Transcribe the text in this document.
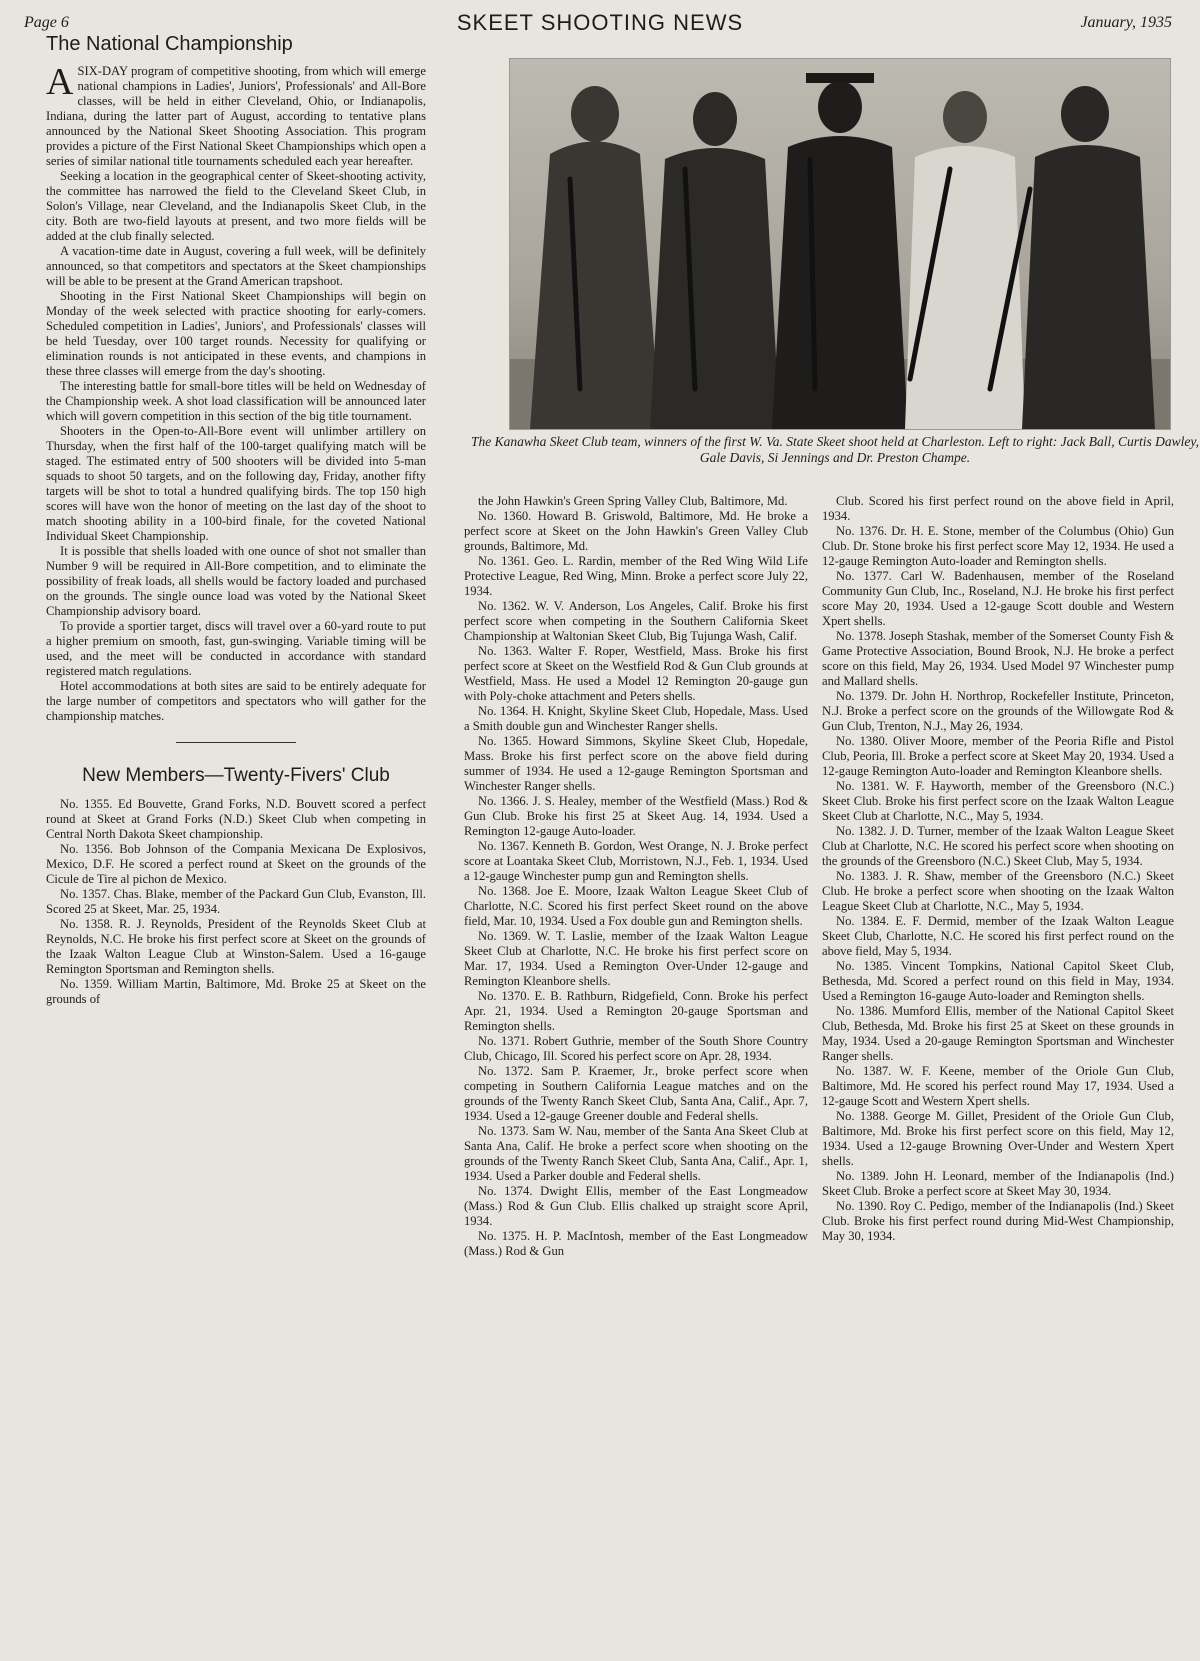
Page 6	SKEET SHOOTING NEWS	January, 1935
The National Championship

ASIX-DAY program of competitive shooting, from which will emerge national champions in Ladies', Juniors', Professionals' and All-Bore classes, will be held in either Cleveland, Ohio, or Indianapolis, Indiana, during the latter part of August, according to tentative plans announced by the National Skeet Shooting Association. This program provides a picture of the First National Skeet Championships which open a series of similar national title tournaments scheduled each year hereafter.

Seeking a location in the geographical center of Skeet-shooting activity, the committee has narrowed the field to the Cleveland Skeet Club, in Solon's Village, near Cleveland, and the Indianapolis Skeet Club, in the city. Both are two-field layouts at present, and two more fields will be added at the club finally selected.

A vacation-time date in August, covering a full week, will be definitely announced, so that competitors and spectators at the Skeet championships will be able to be present at the Grand American trapshoot.

Shooting in the First National Skeet Championships will begin on Monday of the week selected with practice shooting for early-comers. Scheduled competition in Ladies', Juniors', and Professionals' classes will be held Tuesday, over 100 target rounds. Necessity for qualifying or elimination rounds is not anticipated in these events, and champions in these three classes will emerge from the day's shooting.

The interesting battle for small-bore titles will be held on Wednesday of the Championship week. A shot load classification will be announced later which will govern competition in this section of the big title tournament.

Shooters in the Open-to-All-Bore event will unlimber artillery on Thursday, when the first half of the 100-target qualifying match will be staged. The estimated entry of 500 shooters will be divided into 5-man squads to shoot 50 targets, and on the following day, Friday, another fifty targets will be shot to total a hundred qualifying birds. The top 150 high scores will have won the honor of meeting on the last day of the shoot to match shooting ability in a 100-bird finale, for the coveted National Individual Skeet Championship.

It is possible that shells loaded with one ounce of shot not smaller than Number 9 will be required in All-Bore competition, and to eliminate the possibility of freak loads, all shells would be factory loaded and purchased on the grounds. The single ounce load was voted by the National Skeet Championship advisory board.

To provide a sportier target, discs will travel over a 60-yard route to put a higher premium on smooth, fast, gun-swinging. Variable timing will be used, and the meet will be conducted in accordance with standard registered match regulations.

Hotel accommodations at both sites are said to be entirely adequate for the large number of competitors and spectators who will gather for the championship matches.

New Members—Twenty-Fivers' Club

No. 1355. Ed Bouvette, Grand Forks, N.D. Bouvett scored a perfect round at Skeet at Grand Forks (N.D.) Skeet Club when competing in Central North Dakota Skeet championship.

No. 1356. Bob Johnson of the Compania Mexicana De Explosivos, Mexico, D.F. He scored a perfect round at Skeet on the grounds of the Cicule de Tire al pichon de Mexico.

No. 1357. Chas. Blake, member of the Packard Gun Club, Evanston, Ill. Scored 25 at Skeet, Mar. 25, 1934.

No. 1358. R. J. Reynolds, President of the Reynolds Skeet Club at Reynolds, N.C. He broke his first perfect score at Skeet on the grounds of the Izaak Walton League Club at Winston-Salem. Used a 16-gauge Remington Sportsman and Remington shells.

No. 1359. William Martin, Baltimore, Md. Broke 25 at Skeet on the grounds of

The Kanawha Skeet Club team, winners of the first W. Va. State Skeet shoot held at Charleston. Left to right: Jack Ball, Curtis Dawley, Gale Davis, Si Jennings and Dr. Preston Champe.

the John Hawkin's Green Spring Valley Club, Baltimore, Md.

No. 1360. Howard B. Griswold, Baltimore, Md. He broke a perfect score at Skeet on the John Hawkin's Green Valley Club grounds, Baltimore, Md.

No. 1361. Geo. L. Rardin, member of the Red Wing Wild Life Protective League, Red Wing, Minn. Broke a perfect score July 22, 1934.

No. 1362. W. V. Anderson, Los Angeles, Calif. Broke his first perfect score when competing in the Southern California Skeet Championship at Waltonian Skeet Club, Big Tujunga Wash, Calif.

No. 1363. Walter F. Roper, Westfield, Mass. Broke his first perfect score at Skeet on the Westfield Rod & Gun Club grounds at Westfield, Mass. He used a Model 12 Remington 20-gauge gun with Poly-choke attachment and Peters shells.

No. 1364. H. Knight, Skyline Skeet Club, Hopedale, Mass. Used a Smith double gun and Winchester Ranger shells.

No. 1365. Howard Simmons, Skyline Skeet Club, Hopedale, Mass. Broke his first perfect score on the above field during summer of 1934. He used a 12-gauge Remington Sportsman and Winchester Ranger shells.

No. 1366. J. S. Healey, member of the Westfield (Mass.) Rod & Gun Club. Broke his first 25 at Skeet Aug. 14, 1934. Used a Remington 12-gauge Auto-loader.

No. 1367. Kenneth B. Gordon, West Orange, N. J. Broke perfect score at Loantaka Skeet Club, Morristown, N.J., Feb. 1, 1934. Used a 12-gauge Winchester pump gun and Remington shells.

No. 1368. Joe E. Moore, Izaak Walton League Skeet Club of Charlotte, N.C. Scored his first perfect Skeet round on the above field, Mar. 10, 1934. Used a Fox double gun and Remington shells.

No. 1369. W. T. Laslie, member of the Izaak Walton League Skeet Club at Charlotte, N.C. He broke his first perfect score on Mar. 17, 1934. Used a Remington Over-Under 12-gauge and Remington Kleanbore shells.

No. 1370. E. B. Rathburn, Ridgefield, Conn. Broke his perfect Apr. 21, 1934. Used a Remington 20-gauge Sportsman and Remington shells.

No. 1371. Robert Guthrie, member of the South Shore Country Club, Chicago, Ill. Scored his perfect score on Apr. 28, 1934.

No. 1372. Sam P. Kraemer, Jr., broke perfect score when competing in Southern California League matches and on the grounds of the Twenty Ranch Skeet Club, Santa Ana, Calif., Apr. 7, 1934. Used a 12-gauge Greener double and Federal shells.

No. 1373. Sam W. Nau, member of the Santa Ana Skeet Club at Santa Ana, Calif. He broke a perfect score when shooting on the grounds of the Twenty Ranch Skeet Club, Santa Ana, Calif., Apr. 1, 1934. Used a Parker double and Federal shells.

No. 1374. Dwight Ellis, member of the East Longmeadow (Mass.) Rod & Gun Club. Ellis chalked up straight score April, 1934.

No. 1375. H. P. MacIntosh, member of the East Longmeadow (Mass.) Rod & Gun

Club. Scored his first perfect round on the above field in April, 1934.

No. 1376. Dr. H. E. Stone, member of the Columbus (Ohio) Gun Club. Dr. Stone broke his first perfect score May 12, 1934. He used a 12-gauge Remington Auto-loader and Remington shells.

No. 1377. Carl W. Badenhausen, member of the Roseland Community Gun Club, Inc., Roseland, N.J. He broke his first perfect score May 20, 1934. Used a 12-gauge Scott double and Western Xpert shells.

No. 1378. Joseph Stashak, member of the Somerset County Fish & Game Protective Association, Bound Brook, N.J. He broke a perfect score on this field, May 26, 1934. Used Model 97 Winchester pump and Mallard shells.

No. 1379. Dr. John H. Northrop, Rockefeller Institute, Princeton, N.J. Broke a perfect score on the grounds of the Willowgate Rod & Gun Club, Trenton, N.J., May 26, 1934.

No. 1380. Oliver Moore, member of the Peoria Rifle and Pistol Club, Peoria, Ill. Broke a perfect score at Skeet May 20, 1934. Used a 12-gauge Remington Auto-loader and Remington Kleanbore shells.

No. 1381. W. F. Hayworth, member of the Greensboro (N.C.) Skeet Club. Broke his first perfect score on the Izaak Walton League Skeet Club at Charlotte, N.C., May 5, 1934.

No. 1382. J. D. Turner, member of the Izaak Walton League Skeet Club at Charlotte, N.C. He scored his perfect score when shooting on the grounds of the Greensboro (N.C.) Skeet Club, May 5, 1934.

No. 1383. J. R. Shaw, member of the Greensboro (N.C.) Skeet Club. He broke a perfect score when shooting on the Izaak Walton League Skeet Club at Charlotte, N.C., May 5, 1934.

No. 1384. E. F. Dermid, member of the Izaak Walton League Skeet Club, Charlotte, N.C. He scored his first perfect round on the above field, May 5, 1934.

No. 1385. Vincent Tompkins, National Capitol Skeet Club, Bethesda, Md. Scored a perfect round on this field in May, 1934. Used a Remington 16-gauge Auto-loader and Remington shells.

No. 1386. Mumford Ellis, member of the National Capitol Skeet Club, Bethesda, Md. Broke his first 25 at Skeet on these grounds in May, 1934. Used a 20-gauge Remington Sportsman and Winchester Ranger shells.

No. 1387. W. F. Keene, member of the Oriole Gun Club, Baltimore, Md. He scored his perfect round May 17, 1934. Used a 12-gauge Scott and Western Xpert shells.

No. 1388. George M. Gillet, President of the Oriole Gun Club, Baltimore, Md. Broke his first perfect score on this field, May 12, 1934. Used a 12-gauge Browning Over-Under and Western Xpert shells.

No. 1389. John H. Leonard, member of the Indianapolis (Ind.) Skeet Club. Broke a perfect score at Skeet May 30, 1934.

No. 1390. Roy C. Pedigo, member of the Indianapolis (Ind.) Skeet Club. Broke his first perfect round during Mid-West Championship, May 30, 1934.
